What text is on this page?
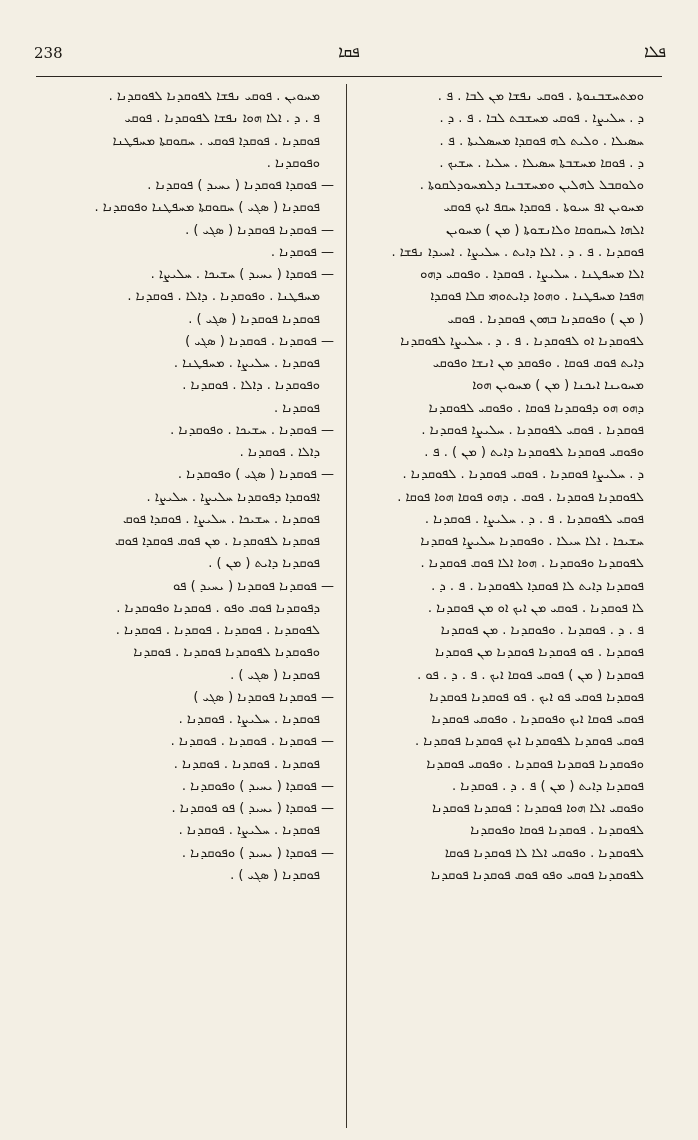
238	ܦܩܐ	ܦܠܐ
ܡܚܘܝܢ . ܦܘܩܝ ܢܦܫܐ ܠܦܘܩܕܢܐ ܠܦܘܩܕܢܐ .
ܦ . ܕ . ܐܠܐ ܗܘܐ ܢܦܫܐ ܠܦܘܩܕܢܐ . ܦܘܩܝ
ܦܘܩܕܢܐ . ܦܘܩܕܐ ܦܘܩܝ . ܚܩܘܩܬܐ ܡܚܦܛܢܐ
ܘܦܘܩܕܢܐ .
— ܦܘܩܕܐ ܦܘܩܕܢܐ ( ܝܚܝܕ ) ܦܘܩܕܢܐ .
ܦܘܩܕܢܐ ( ܣܓܝ ) ܚܩܘܩܬܐ ܡܚܦܛܢܐ ܘܦܘܩܕܢܐ .
— ܦܘܩܕܢܐ ܦܘܩܕܢܐ ( ܣܓܝ ) .
— ܦܘܩܕܢܐ .
— ܦܘܩܕܐ ( ܝܚܝܕ ) ܚܫܝܟܐ . ܚܠܝܨܐ .
ܡܚܦܛܢܐ . ܘܦܘܩܕܢܐ . ܕܐܠܐ . ܦܘܩܕܢܐ .
ܦܘܩܕܢܐ ܦܘܩܕܢܐ ( ܣܓܝ ) .
— ܦܘܩܕܢܐ . ܦܘܩܕܢܐ ( ܣܓܝ )
ܦܘܩܕܢܐ . ܚܠܝܨܐ . ܡܚܦܛܢܐ .
ܘܦܘܩܕܢܐ . ܕܐܠܐ . ܦܘܩܕܢܐ .
ܦܘܩܕܢܐ .
— ܦܘܩܕܢܐ . ܚܫܝܟܐ . ܘܦܘܩܕܢܐ .
ܕܐܠܐ . ܦܘܩܕܢܐ .
— ܦܘܩܕܢܐ ( ܣܓܝ ) ܘܦܘܩܕܢܐ .
ܐܦܘܩܕܐ ܕܦܘܩܕܢܐ ܚܠܝܨܐ . ܚܠܝܨܐ .
ܦܘܩܕܢܐ . ܚܫܝܟܐ . ܚܠܝܨܐ . ܦܘܩܕܐ ܦܘܩ
ܦܘܩܕܢܐ ܠܦܘܩܕܢܐ . ܡܢ ܦܘܩ ܦܘܩܕܐ ܦܘܩ
ܦܘܩܕܢܐ ܕܐܝܬ ( ܡܢ ) .
— ܦܘܩܕܢܐ ܦܘܩܕܢܐ ( ܝܚܝܕ ) ܦܘ
ܕܦܘܩܕܢܐ ܦܘܩ ܘܦܘ . ܦܘܩܕܢܐ ܘܦܘܩܕܢܐ .
ܠܦܘܩܕܢܐ . ܦܘܩܕܢܐ . ܦܘܩܕܢܐ . ܦܘܩܕܢܐ .
ܘܦܘܩܕܢܐ ܠܦܘܩܕܢܐ ܦܘܩܕܢܐ . ܦܘܩܕܢܐ
ܦܘܩܕܢܐ ( ܣܓܝ ) .
— ܦܘܩܕܢܐ ܦܘܩܕܢܐ ( ܣܓܝ )
ܦܘܩܕܢܐ . ܚܠܝܨܐ . ܦܘܩܕܢܐ .
— ܦܘܩܕܢܐ . ܦܘܩܕܢܐ . ܦܘܩܕܢܐ .
ܦܘܩܕܢܐ . ܦܘܩܕܢܐ . ܦܘܩܕܢܐ .
— ܦܘܩܕܐ ( ܝܚܝܕ ) ܘܦܘܩܕܢܐ .
— ܦܘܩܕܐ ( ܝܚܝܕ ) ܦܘ ܦܘܩܕܢܐ .
ܦܘܩܕܢܐ . ܚܠܝܨܐ . ܦܘܩܕܢܐ .
— ܦܘܩܕܐ ( ܝܚܝܕ ) ܘܦܘܩܕܢܐ .
ܦܘܩܕܢܐ ( ܣܓܝ ) .
ܘܡܬܚܫܒܢܘܬܐ . ܦܘܩܝ ܢܦܫܐ ܡܢ ܠܒܐ . ܦ .
ܕ . ܚܠܝܨܐ . ܦܘܩܝ ܡܚܫܒܬ ܠܒܐ . ܦ . ܕ .
ܚܣܝܠܐ . ܘܠܝܬ ܠܗ ܦܘܩܕܐ ܡܚܣܠܝܬܐ . ܦ .
ܕ . ܦܘܩܐ ܡܚܫܒܬܐ ܚܣܝܠܐ . ܚܠܝܐ . ܚܫܝܟ .
ܘܠܘܩܒܠ ܠܗܠܝܢ ܘܡܚܫܒܢܐ ܕܠܡܚܘܕܠܩܘܬܐ .
ܡܚܘܝܢ ܐܦ ܚܝܘܬܐ . ܦܘܩܕܐ ܚܩܦ ܐܝܟ ܦܘܩܝ
ܐܠܗܐ ܠܚܩܘܩܐ ܘܠܐܢܫܘܬܐ ( ܡܢ ) ܡܚܘܝܢ
ܦܘܩܕܢܐ . ܦ . ܕ . ܐܠܐ ܕܐܝܬ . ܚܠܝܨܐ . ܐܚܝܕܐ ܢܦܫܐ .
ܐܠܐ ܡܚܦܛܢܐ . ܚܠܝܨܐ . ܦܘܩܕܐ . ܘܦܘܩܝ ܕܗܘ
ܗܦܟܐ ܡܚܦܛܢܐ . ܘܗܘܐ ܕܐܝܬܘܗܝ ܩܠܐ ܦܘܩܕܐ
( ܡܢ ) ܘܦܘܩܕܢܐ ܒܗܘܢ ܦܘܩܕܢܐ . ܦܘܩܝ
ܠܦܘܩܕܢܐ ܐܘ ܠܦܘܩܕܢܐ . ܦ . ܕ . ܚܠܝܨܐ ܠܦܘܩܕܢܐ
ܕܐܝܬ ܦܘܩ ܦܘܩܐ . ܘܦܘܩܕ ܡܢ ܐܢܫܐ ܘܦܘܩܝ
ܡܚܘܝܢܐ ܐܝܟܢܐ ( ܡܢ ) ܡܚܘܝܢ ܗܘܐ
ܕܗܘ ܗܘ ܕܦܘܩܕܢܐ ܦܘܩܐ . ܘܦܘܩܝ ܠܦܘܩܕܢܐ
ܦܘܩܕܢܐ . ܦܘܩܝ ܠܦܘܩܕܢܐ . ܚܠܝܨܐ ܦܘܩܕܢܐ .
ܘܦܘܩܝ ܦܘܩܕܢܐ ܠܦܘܩܕܢܐ ܕܐܝܬ ( ܡܢ ) . ܦ .
ܕ . ܚܠܝܨܐ ܦܘܩܕܢܐ . ܦܘܩܝ ܦܘܩܕܢܐ . ܠܦܘܩܕܢܐ .
ܠܦܘܩܕܢܐ ܦܘܩܕܢܐ . ܦܘܩ . ܕܗܘ ܦܘܩܐ ܗܘܐ ܦܘܩܐ .
ܦܘܩܝ ܠܦܘܩܕܢܐ . ܦ . ܕ . ܚܠܝܨܐ . ܦܘܩܕܢܐ .
ܚܫܝܟܐ . ܐܠܐ ܚܝܠܐ . ܘܦܘܩܕܢܐ ܚܠܝܨܐ ܦܘܩܕܢܐ
ܠܦܘܩܕܢܐ ܘܦܘܩܕܢܐ . ܗܘܐ ܐܠܐ ܦܘܩ ܦܘܩܕܢܐ .
ܦܘܩܕܢܐ ܕܐܝܬ ܠܐ ܦܘܩܕܐ ܠܦܘܩܕܢܐ . ܦ . ܕ .
ܠܐ ܦܘܩܕܢܐ . ܦܘܩܝ ܡܢ ܐܝܟ ܐܘ ܡܢ ܦܘܩܕܢܐ .
ܦ . ܕ . ܦܘܩܕܢܐ . ܘܦܘܩܕܢܐ . ܡܢ ܦܘܩܕܢܐ
ܦܘܩܕܢܐ . ܦܘ ܦܘܩܕܢܐ ܦܘܩܕܢܐ ܡܢ ܦܘܩܕܢܐ
ܦܘܩܕܢܐ ( ܡܢ ) ܦܘܩܝ ܦܘܩܐ ܐܝܟ . ܦ . ܕ . ܦܘ .
ܦܘܩܕܢܐ ܦܘܩܝ ܦܘ ܐܝܟ . ܦܘ ܦܘܩܕܢܐ ܦܘܩܕܢܐ
ܦܘܩܝ ܦܘܩܐ ܐܝܟ ܘܦܘܩܕܢܐ . ܘܦܘܩܝ ܦܘܩܕܢܐ
ܦܘܩܝ ܦܘܩܕܢܐ ܠܦܘܩܕܢܐ ܐܝܟ ܦܘܩܕܢܐ ܦܘܩܕܢܐ .
ܘܦܘܩܕܢܐ ܦܘܩܕܢܐ ܦܘܩܕܢܐ . ܘܦܘܩܝ ܦܘܩܕܢܐ
ܦܘܩܕܢܐ ܕܐܝܬ ( ܡܢ ) ܦ . ܕ . ܦܘܩܕܢܐ .
ܘܦܘܩܝ ܐܠܐ ܗܘܐ ܦܘܩܕܢܐ : ܦܘܩܕܢܐ ܦܘܩܕܢܐ
ܠܦܘܩܕܢܐ . ܦܘܩܕܢܐ ܦܘܩܐ ܘܦܘܩܕܢܐ
ܠܦܘܩܕܢܐ . ܘܦܘܩܝ ܐܠܐ ܠܐ ܦܘܩܕܢܐ ܦܘܩܐ
ܠܦܘܩܕܢܐ ܦܘܩܝ ܘܦܘ ܦܘܩ ܦܘܩܕܢܐ ܦܘܩܕܢܐ
